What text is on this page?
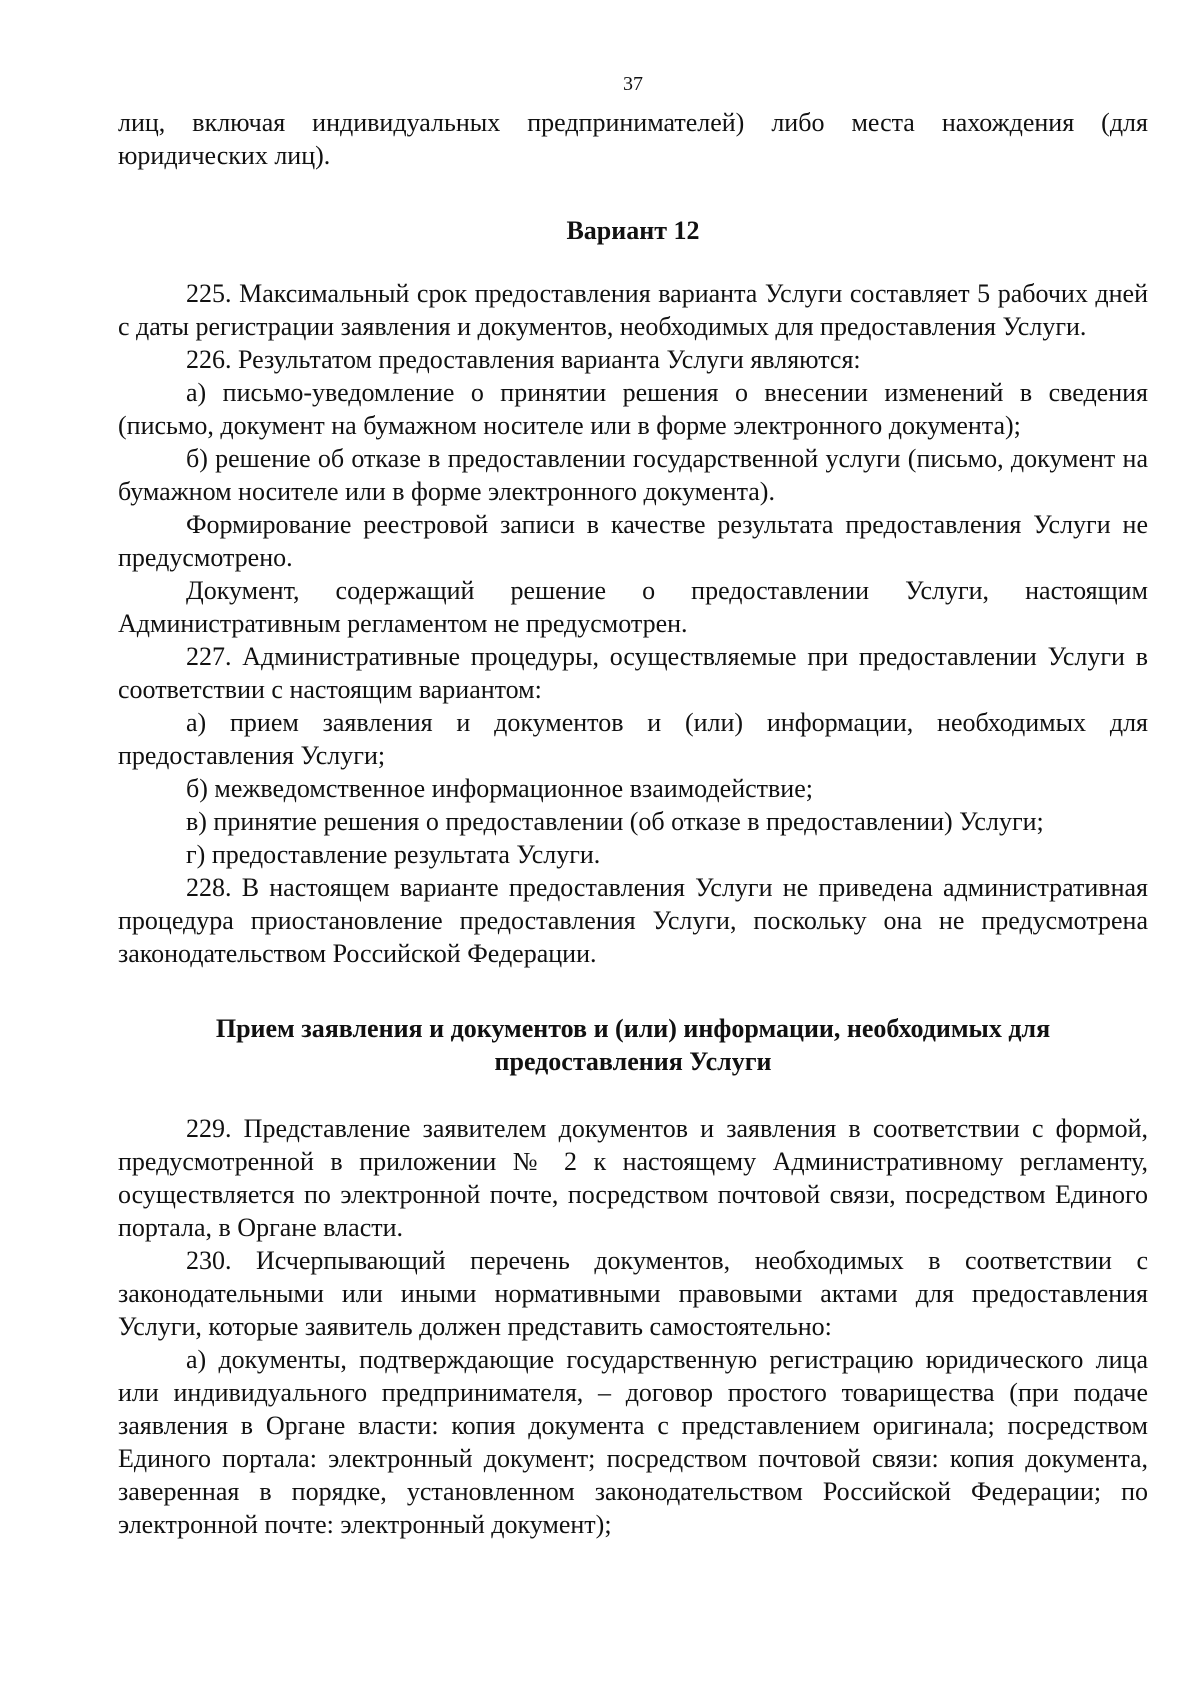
37

лиц, включая индивидуальных предпринимателей) либо места нахождения (для юридических лиц).

Вариант 12

225. Максимальный срок предоставления варианта Услуги составляет 5 рабочих дней с даты регистрации заявления и документов, необходимых для предоставления Услуги.

226. Результатом предоставления варианта Услуги являются:

а) письмо-уведомление о принятии решения о внесении изменений в сведения (письмо, документ на бумажном носителе или в форме электронного документа);

б) решение об отказе в предоставлении государственной услуги (письмо, документ на бумажном носителе или в форме электронного документа).

Формирование реестровой записи в качестве результата предоставления Услуги не предусмотрено.

Документ, содержащий решение о предоставлении Услуги, настоящим Административным регламентом не предусмотрен.

227. Административные процедуры, осуществляемые при предоставлении Услуги в соответствии с настоящим вариантом:

а) прием заявления и документов и (или) информации, необходимых для предоставления Услуги;

б) межведомственное информационное взаимодействие;

в) принятие решения о предоставлении (об отказе в предоставлении) Услуги;

г) предоставление результата Услуги.

228. В настоящем варианте предоставления Услуги не приведена административная процедура приостановление предоставления Услуги, поскольку она не предусмотрена законодательством Российской Федерации.

Прием заявления и документов и (или) информации, необходимых для предоставления Услуги

229. Представление заявителем документов и заявления в соответствии с формой, предусмотренной в приложении № 2 к настоящему Административному регламенту, осуществляется по электронной почте, посредством почтовой связи, посредством Единого портала, в Органе власти.

230. Исчерпывающий перечень документов, необходимых в соответствии с законодательными или иными нормативными правовыми актами для предоставления Услуги, которые заявитель должен представить самостоятельно:

а) документы, подтверждающие государственную регистрацию юридического лица или индивидуального предпринимателя, – договор простого товарищества (при подаче заявления в Органе власти: копия документа с представлением оригинала; посредством Единого портала: электронный документ; посредством почтовой связи: копия документа, заверенная в порядке, установленном законодательством Российской Федерации; по электронной почте: электронный документ);
